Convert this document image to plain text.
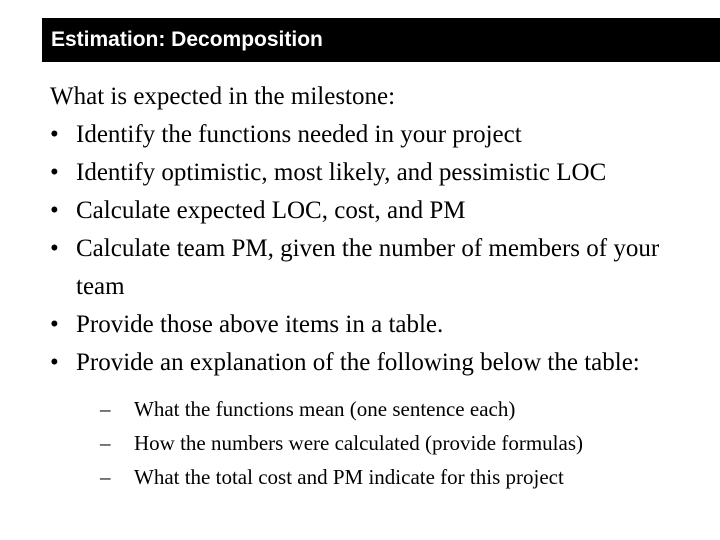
Estimation: Decomposition
What is expected in the milestone:
• Identify the functions needed in your project
• Identify optimistic, most likely, and pessimistic LOC
• Calculate expected LOC, cost, and PM
• Calculate team PM, given the number of members of your team
• Provide those above items in a table.
• Provide an explanation of the following below the table:
– What the functions mean (one sentence each)
– How the numbers were calculated (provide formulas)
– What the total cost and PM indicate for this project
